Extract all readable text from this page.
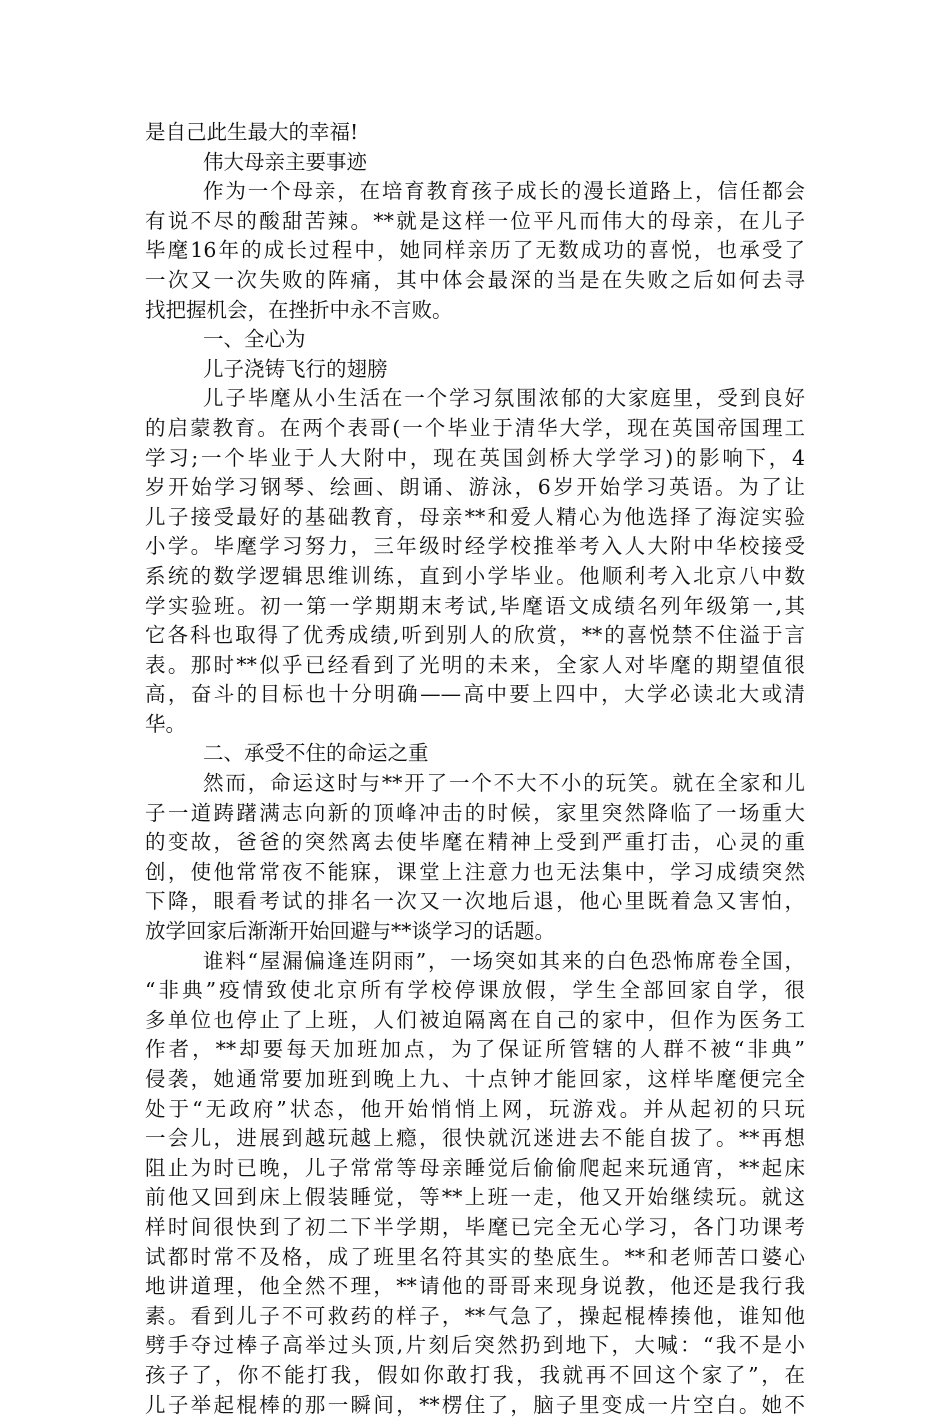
是自己此生最大的幸福!
伟大母亲主要事迹
作为一个母亲，在培育教育孩子成长的漫长道路上，信任都会
有说不尽的酸甜苦辣。**就是这样一位平凡而伟大的母亲，在儿子
毕麾16年的成长过程中，她同样亲历了无数成功的喜悦，也承受了
一次又一次失败的阵痛，其中体会最深的当是在失败之后如何去寻
找把握机会，在挫折中永不言败。
一、全心为
儿子浇铸飞行的翅膀
儿子毕麾从小生活在一个学习氛围浓郁的大家庭里，受到良好
的启蒙教育。在两个表哥(一个毕业于清华大学，现在英国帝国理工
学习;一个毕业于人大附中，现在英国剑桥大学学习)的影响下，4
岁开始学习钢琴、绘画、朗诵、游泳，6岁开始学习英语。为了让
儿子接受最好的基础教育，母亲**和爱人精心为他选择了海淀实验
小学。毕麾学习努力，三年级时经学校推举考入人大附中华校接受
系统的数学逻辑思维训练，直到小学毕业。他顺利考入北京八中数
学实验班。初一第一学期期末考试,毕麾语文成绩名列年级第一,其
它各科也取得了优秀成绩,听到别人的欣赏，**的喜悦禁不住溢于言
表。那时**似乎已经看到了光明的未来，全家人对毕麾的期望值很
高，奋斗的目标也十分明确——高中要上四中，大学必读北大或清
华。
二、承受不住的命运之重
然而，命运这时与**开了一个不大不小的玩笑。就在全家和儿
子一道踌躇满志向新的顶峰冲击的时候，家里突然降临了一场重大
的变故，爸爸的突然离去使毕麾在精神上受到严重打击，心灵的重
创，使他常常夜不能寐，课堂上注意力也无法集中，学习成绩突然
下降，眼看考试的排名一次又一次地后退，他心里既着急又害怕，
放学回家后渐渐开始回避与**谈学习的话题。
谁料“屋漏偏逢连阴雨”，一场突如其来的白色恐怖席卷全国，
“非典”疫情致使北京所有学校停课放假，学生全部回家自学，很
多单位也停止了上班，人们被迫隔离在自己的家中，但作为医务工
作者，**却要每天加班加点，为了保证所管辖的人群不被“非典”
侵袭，她通常要加班到晚上九、十点钟才能回家，这样毕麾便完全
处于“无政府”状态，他开始悄悄上网，玩游戏。并从起初的只玩
一会儿，进展到越玩越上瘾，很快就沉迷进去不能自拔了。**再想
阻止为时已晚，儿子常常等母亲睡觉后偷偷爬起来玩通宵，**起床
前他又回到床上假装睡觉，等**上班一走，他又开始继续玩。就这
样时间很快到了初二下半学期，毕麾已完全无心学习，各门功课考
试都时常不及格，成了班里名符其实的垫底生。**和老师苦口婆心
地讲道理，他全然不理，**请他的哥哥来现身说教，他还是我行我
素。看到儿子不可救药的样子，**气急了，操起棍棒揍他，谁知他
劈手夺过棒子高举过头顶,片刻后突然扔到地下，大喊：“我不是小
孩子了，你不能打我，假如你敢打我，我就再不回这个家了”，在
儿子举起棍棒的那一瞬间，**楞住了，脑子里变成一片空白。她不
